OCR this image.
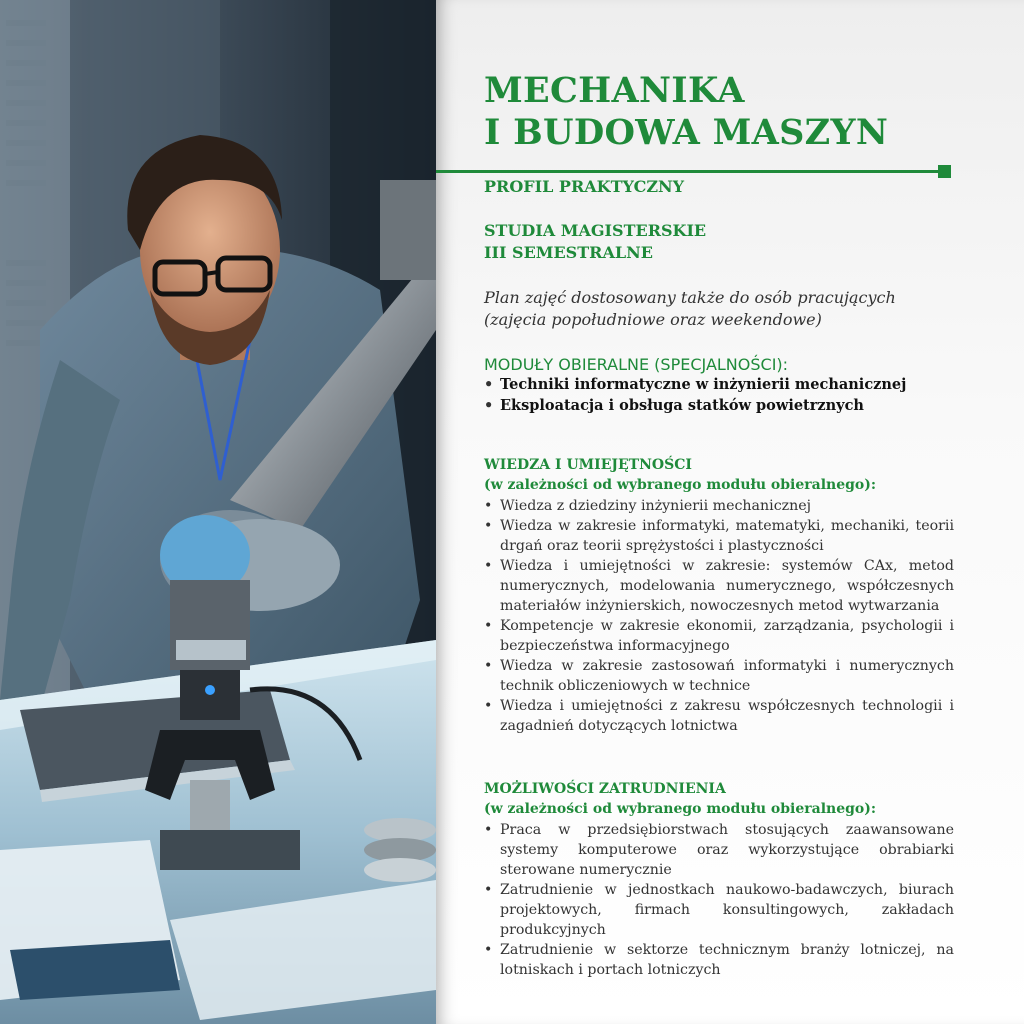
MECHANIKA
I BUDOWA MASZYN

PROFIL PRAKTYCZNY

STUDIA MAGISTERSKIE
III SEMESTRALNE

Plan zajęć dostosowany także do osób pracujących
(zajęcia popołudniowe oraz weekendowe)

MODUŁY OBIERALNE (SPECJALNOŚCI):

• Techniki informatyczne w inżynierii mechanicznej
• Eksploatacja i obsługa statków powietrznych

WIEDZA I UMIEJĘTNOŚCI

(w zależności od wybranego modułu obieralnego):

• Wiedza z dziedziny inżynierii mechanicznej
• Wiedza w zakresie informatyki, matematyki, mechaniki, teorii drgań oraz teorii sprężystości i plastyczności
• Wiedza i umiejętności w zakresie: systemów CAx, metod numerycznych, modelowania numerycznego, współczesnych materiałów inżynierskich, nowoczesnych metod wytwarzania
• Kompetencje w zakresie ekonomii, zarządzania, psychologii i bezpieczeństwa informacyjnego
• Wiedza w zakresie zastosowań informatyki i numerycznych technik obliczeniowych w technice
• Wiedza i umiejętności z zakresu współczesnych technologii i zagadnień dotyczących lotnictwa

MOŻLIWOŚCI ZATRUDNIENIA

(w zależności od wybranego modułu obieralnego):

• Praca w przedsiębiorstwach stosujących zaawansowane systemy komputerowe oraz wykorzystujące obrabiarki sterowane numerycznie
• Zatrudnienie w jednostkach naukowo-badawczych, biurach projektowych, firmach konsultingowych, zakładach produkcyjnych
• Zatrudnienie w sektorze technicznym branży lotniczej, na lotniskach i portach lotniczych
